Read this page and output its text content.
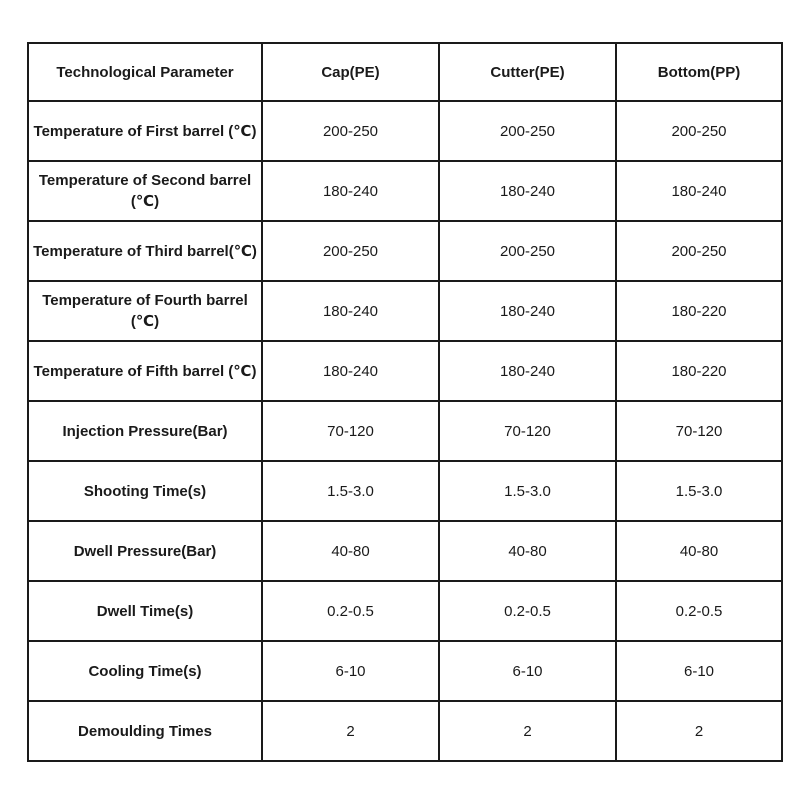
Technological Parameter	Cap(PE)	Cutter(PE)	Bottom(PP)
Temperature of First barrel (℃)	200-250	200-250	200-250
Temperature of Second barrel (℃)	180-240	180-240	180-240
Temperature of Third barrel(℃)	200-250	200-250	200-250
Temperature of Fourth barrel (℃)	180-240	180-240	180-220
Temperature of Fifth barrel (℃)	180-240	180-240	180-220
Injection Pressure(Bar)	70-120	70-120	70-120
Shooting Time(s)	1.5-3.0	1.5-3.0	1.5-3.0
Dwell Pressure(Bar)	40-80	40-80	40-80
Dwell Time(s)	0.2-0.5	0.2-0.5	0.2-0.5
Cooling Time(s)	6-10	6-10	6-10
Demoulding Times	2	2	2
